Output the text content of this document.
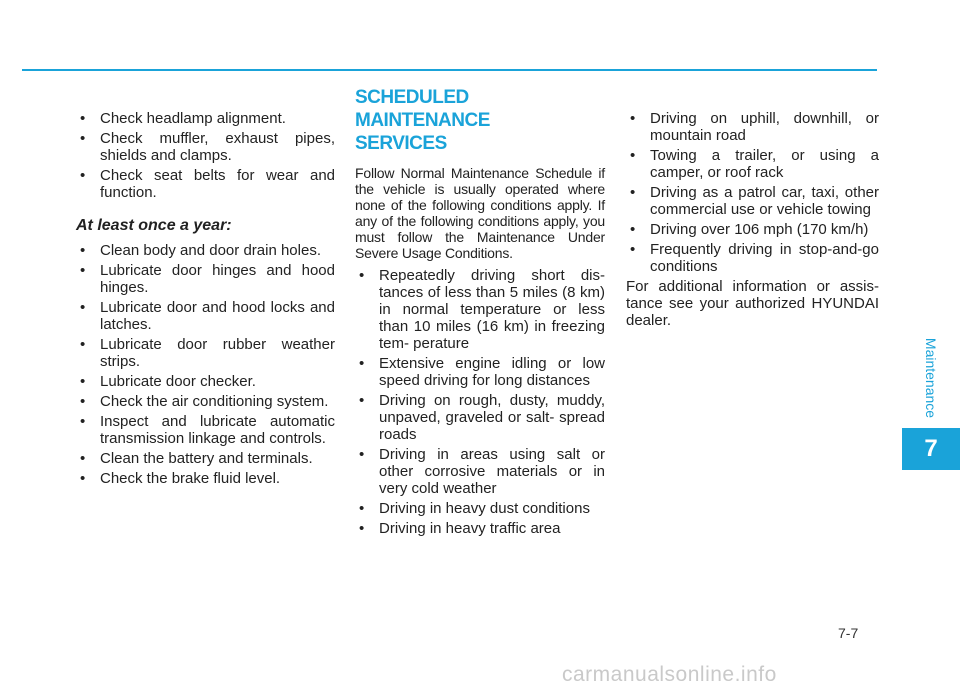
• Check headlamp alignment.
• Check muffler, exhaust pipes, shields and clamps.
• Check seat belts for wear and function.
At least once a year:
• Clean body and door drain holes.
• Lubricate door hinges and hood hinges.
• Lubricate door and hood locks and latches.
• Lubricate door rubber weather strips.
• Lubricate door checker.
• Check the air conditioning system.
• Inspect and lubricate automatic transmission linkage and controls.
• Clean the battery and terminals.
• Check the brake fluid level.
SCHEDULED MAINTENANCE
SERVICES

Follow Normal Maintenance Schedule if the vehicle is usually operated where none of the following conditions apply. If any of the following conditions apply, you must follow the Maintenance Under Severe Usage Conditions.

• Repeatedly driving short dis- tances of less than 5 miles (8 km) in normal temperature or less than 10 miles (16 km) in freezing tem- perature
• Extensive engine idling or low speed driving for long distances
• Driving on rough, dusty, muddy, unpaved, graveled or salt- spread roads
• Driving in areas using salt or other corrosive materials or in very cold weather
• Driving in heavy dust conditions
• Driving in heavy traffic area
• Driving on uphill, downhill, or mountain road
• Towing a trailer, or using a camper, or roof rack
• Driving as a patrol car, taxi, other commercial use or vehicle towing
• Driving over 106 mph (170 km/h)
• Frequently driving in stop-and-go conditions

For additional information or assis- tance see your authorized HYUNDAI dealer.

Maintenance
7
7-7
carmanualsonline.info
